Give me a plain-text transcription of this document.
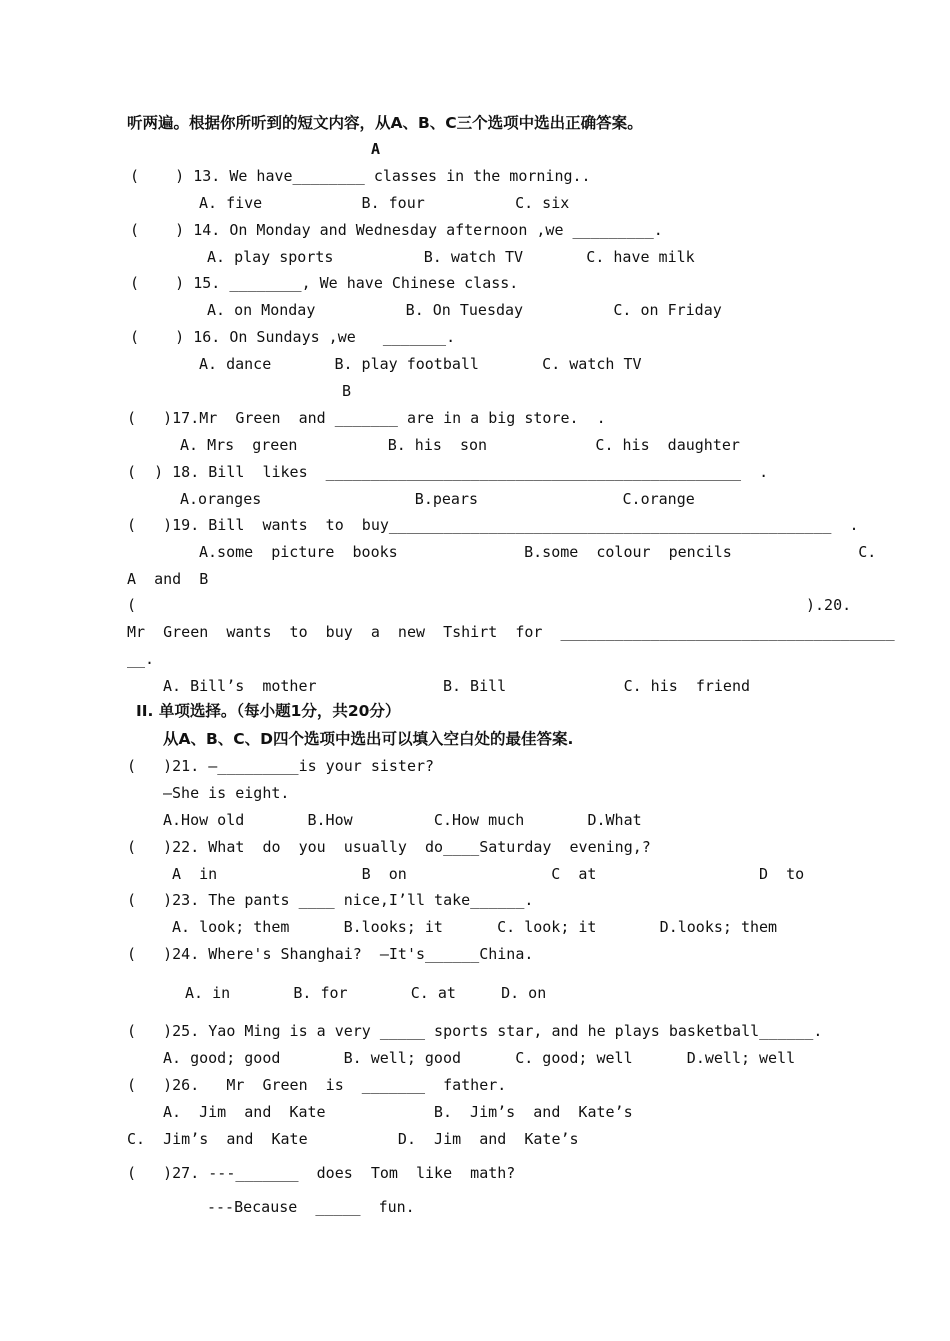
听两遍。根据你所听到的短文内容，从A、B、C三个选项中选出正确答案。
A
(    ) 13. We have________ classes in the morning..
A. five           B. four          C. six
(    ) 14. On Monday and Wednesday afternoon ,we _________.
A. play sports          B. watch TV       C. have milk
(    ) 15. ________, We have Chinese class.
A. on Monday          B. On Tuesday          C. on Friday
(    ) 16. On Sundays ,we   _______.
A. dance       B. play football       C. watch TV
B
(   )17.Mr  Green  and _______ are in a big store.  .
A. Mrs  green          B. his  son            C. his  daughter
(  ) 18. Bill  likes  ______________________________________________  .
A.oranges                 B.pears                C.orange
(   )19. Bill  wants  to  buy_________________________________________________  .
A.some  picture  books              B.some  colour  pencils              C.
A  and  B
(	).20.
Mr  Green  wants  to  buy  a  new  Tshirt  for  _____________________________________
__.
A. Bill’s  mother              B. Bill             C. his  friend
II. 单项选择。（每小题1分，共20分）
从A、B、C、D四个选项中选出可以填入空白处的最佳答案.
(   )21. —_________is your sister?
—She is eight.
A.How old       B.How         C.How much       D.What
(   )22. What  do  you  usually  do____Saturday  evening,?
A  in                B  on                C  at                  D  to
(   )23. The pants ____ nice,I’ll take______.
A. look; them      B.looks; it      C. look; it       D.looks; them
(   )24. Where's Shanghai?  —It's______China.
A. in       B. for       C. at     D. on
(   )25. Yao Ming is a very _____ sports star, and he plays basketball______.
A. good; good       B. well; good      C. good; well      D.well; well
(   )26.   Mr  Green  is  _______  father.
A.  Jim  and  Kate            B.  Jim’s  and  Kate’s
C.  Jim’s  and  Kate          D.  Jim  and  Kate’s
(   )27. ---_______  does  Tom  like  math?
---Because  _____  fun.
